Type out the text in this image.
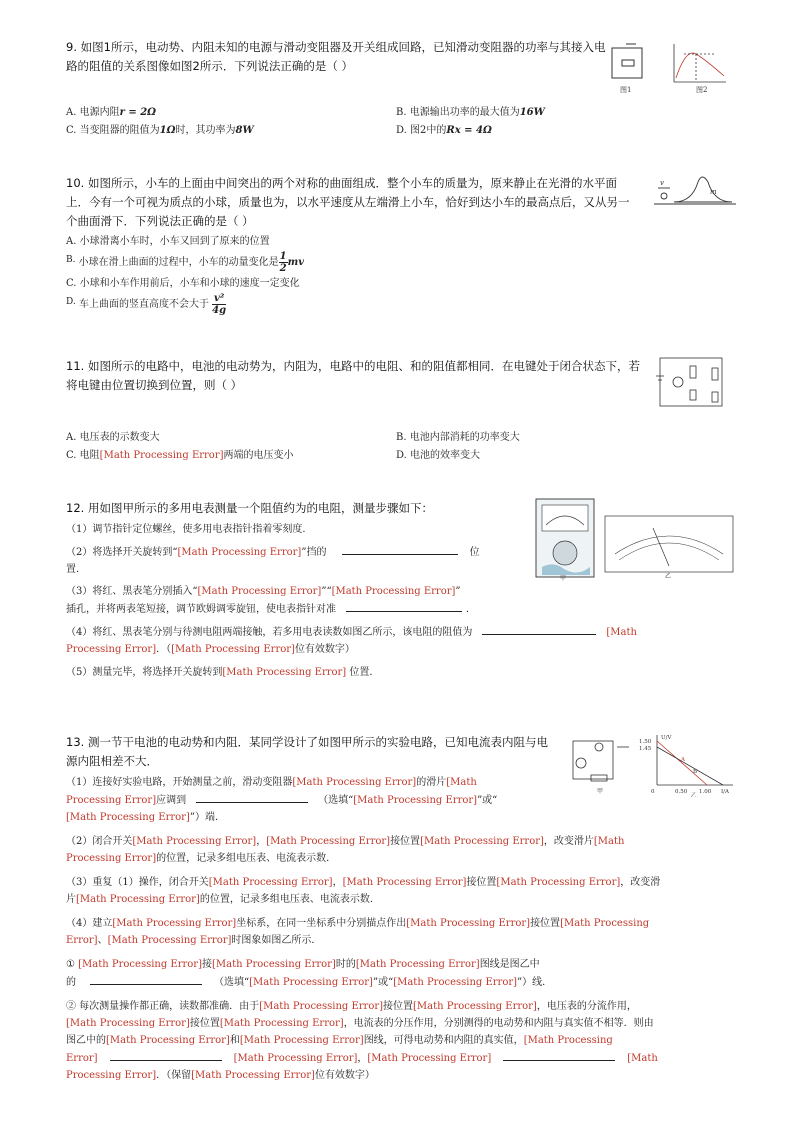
9. 如图1所示，电动势、内阻未知的电源与滑动变阻器及开关组成回路，已知滑动变阻器的功率与其接入电路的阻值的关系图像如图2所示．下列说法正确的是（ ）
图1	图2
A. 电源内阻r = 2Ω	B. 电源输出功率的最大值为16W
C. 当变阻器的阻值为1Ω时，其功率为8W	D. 图2中的Rx = 4Ω
10. 如图所示，小车的上面由中间突出的两个对称的曲面组成．整个小车的质量为，原来静止在光滑的水平面上．今有一个可视为质点的小球，质量也为，以水平速度从左端滑上小车，恰好到达小车的最高点后，又从另一个曲面滑下．下列说法正确的是（ ）
v
m
A. 小球滑离小车时，小车又回到了原来的位置
B. 小球在滑上曲面的过程中，小车的动量变化是 $\frac{1}{2}$ mv
C. 小球和小车作用前后，小车和小球的速度一定变化
D. 车上曲面的竖直高度不会大于 $\frac{\text{v²}}{4g}$
11. 如图所示的电路中，电池的电动势为，内阻为，电路中的电阻、和的阻值都相同．在电键处于闭合状态下，若将电键由位置切换到位置，则（ ）
A. 电压表的示数变大	B. 电池内部消耗的功率变大
C. 电阻[Math Processing Error]两端的电压变小	D. 电池的效率变大
12. 用如图甲所示的多用电表测量一个阻值约为的电阻，测量步骤如下：
甲	乙
（1）调节指针定位螺丝，使多用电表指针指着零刻度．
（2）将选择开关旋转到“[Math Processing Error]”挡的	位
置．
（3）将红、黑表笔分别插入“[Math Processing Error]”“[Math Processing Error]”
插孔，并将两表笔短接，调节欧姆调零旋钮，使电表指针对准	．
（4）将红、黑表笔分别与待测电阻两端接触，若多用电表读数如图乙所示，该电阻的阻值为	[Math
Processing Error]．（[Math Processing Error]位有效数字）
（5）测量完毕，将选择开关旋转到[Math Processing Error] 位置．
13. 测一节干电池的电动势和内阻．某同学设计了如图甲所示的实验电路，已知电流表内阻与电源内阻相差不大．
甲
U/V
1.50
1.45
0	0.50 1.00 I/A
A
B
乙
（1）连接好实验电路，开始测量之前，滑动变阻器[Math Processing Error]的滑片[Math
Processing Error]应调到	（选填“[Math Processing Error]”或“
[Math Processing Error]”）端．
（2）闭合开关[Math Processing Error]，[Math Processing Error]接位置[Math Processing Error]，改变滑片[Math
Processing Error]的位置，记录多组电压表、电流表示数．
（3）重复（1）操作，闭合开关[Math Processing Error]，[Math Processing Error]接位置[Math Processing Error]，改变滑
片[Math Processing Error]的位置，记录多组电压表、电流表示数．
（4）建立[Math Processing Error]坐标系，在同一坐标系中分别描点作出[Math Processing Error]接位置[Math Processing
Error]、[Math Processing Error]时图象如图乙所示．
① [Math Processing Error]接[Math Processing Error]时的[Math Processing Error]图线是图乙中
的	（选填“[Math Processing Error]”或“[Math Processing Error]”）线．
② 每次测量操作都正确，读数都准确．由于[Math Processing Error]接位置[Math Processing Error]，电压表的分流作用，
[Math Processing Error]接位置[Math Processing Error]，电流表的分压作用，分别测得的电动势和内阻与真实值不相等．则由
图乙中的[Math Processing Error]和[Math Processing Error]图线，可得电动势和内阻的真实值，[Math Processing
Error]	[Math Processing Error]，[Math Processing Error]	[Math
Processing Error]．（保留[Math Processing Error]位有效数字）
